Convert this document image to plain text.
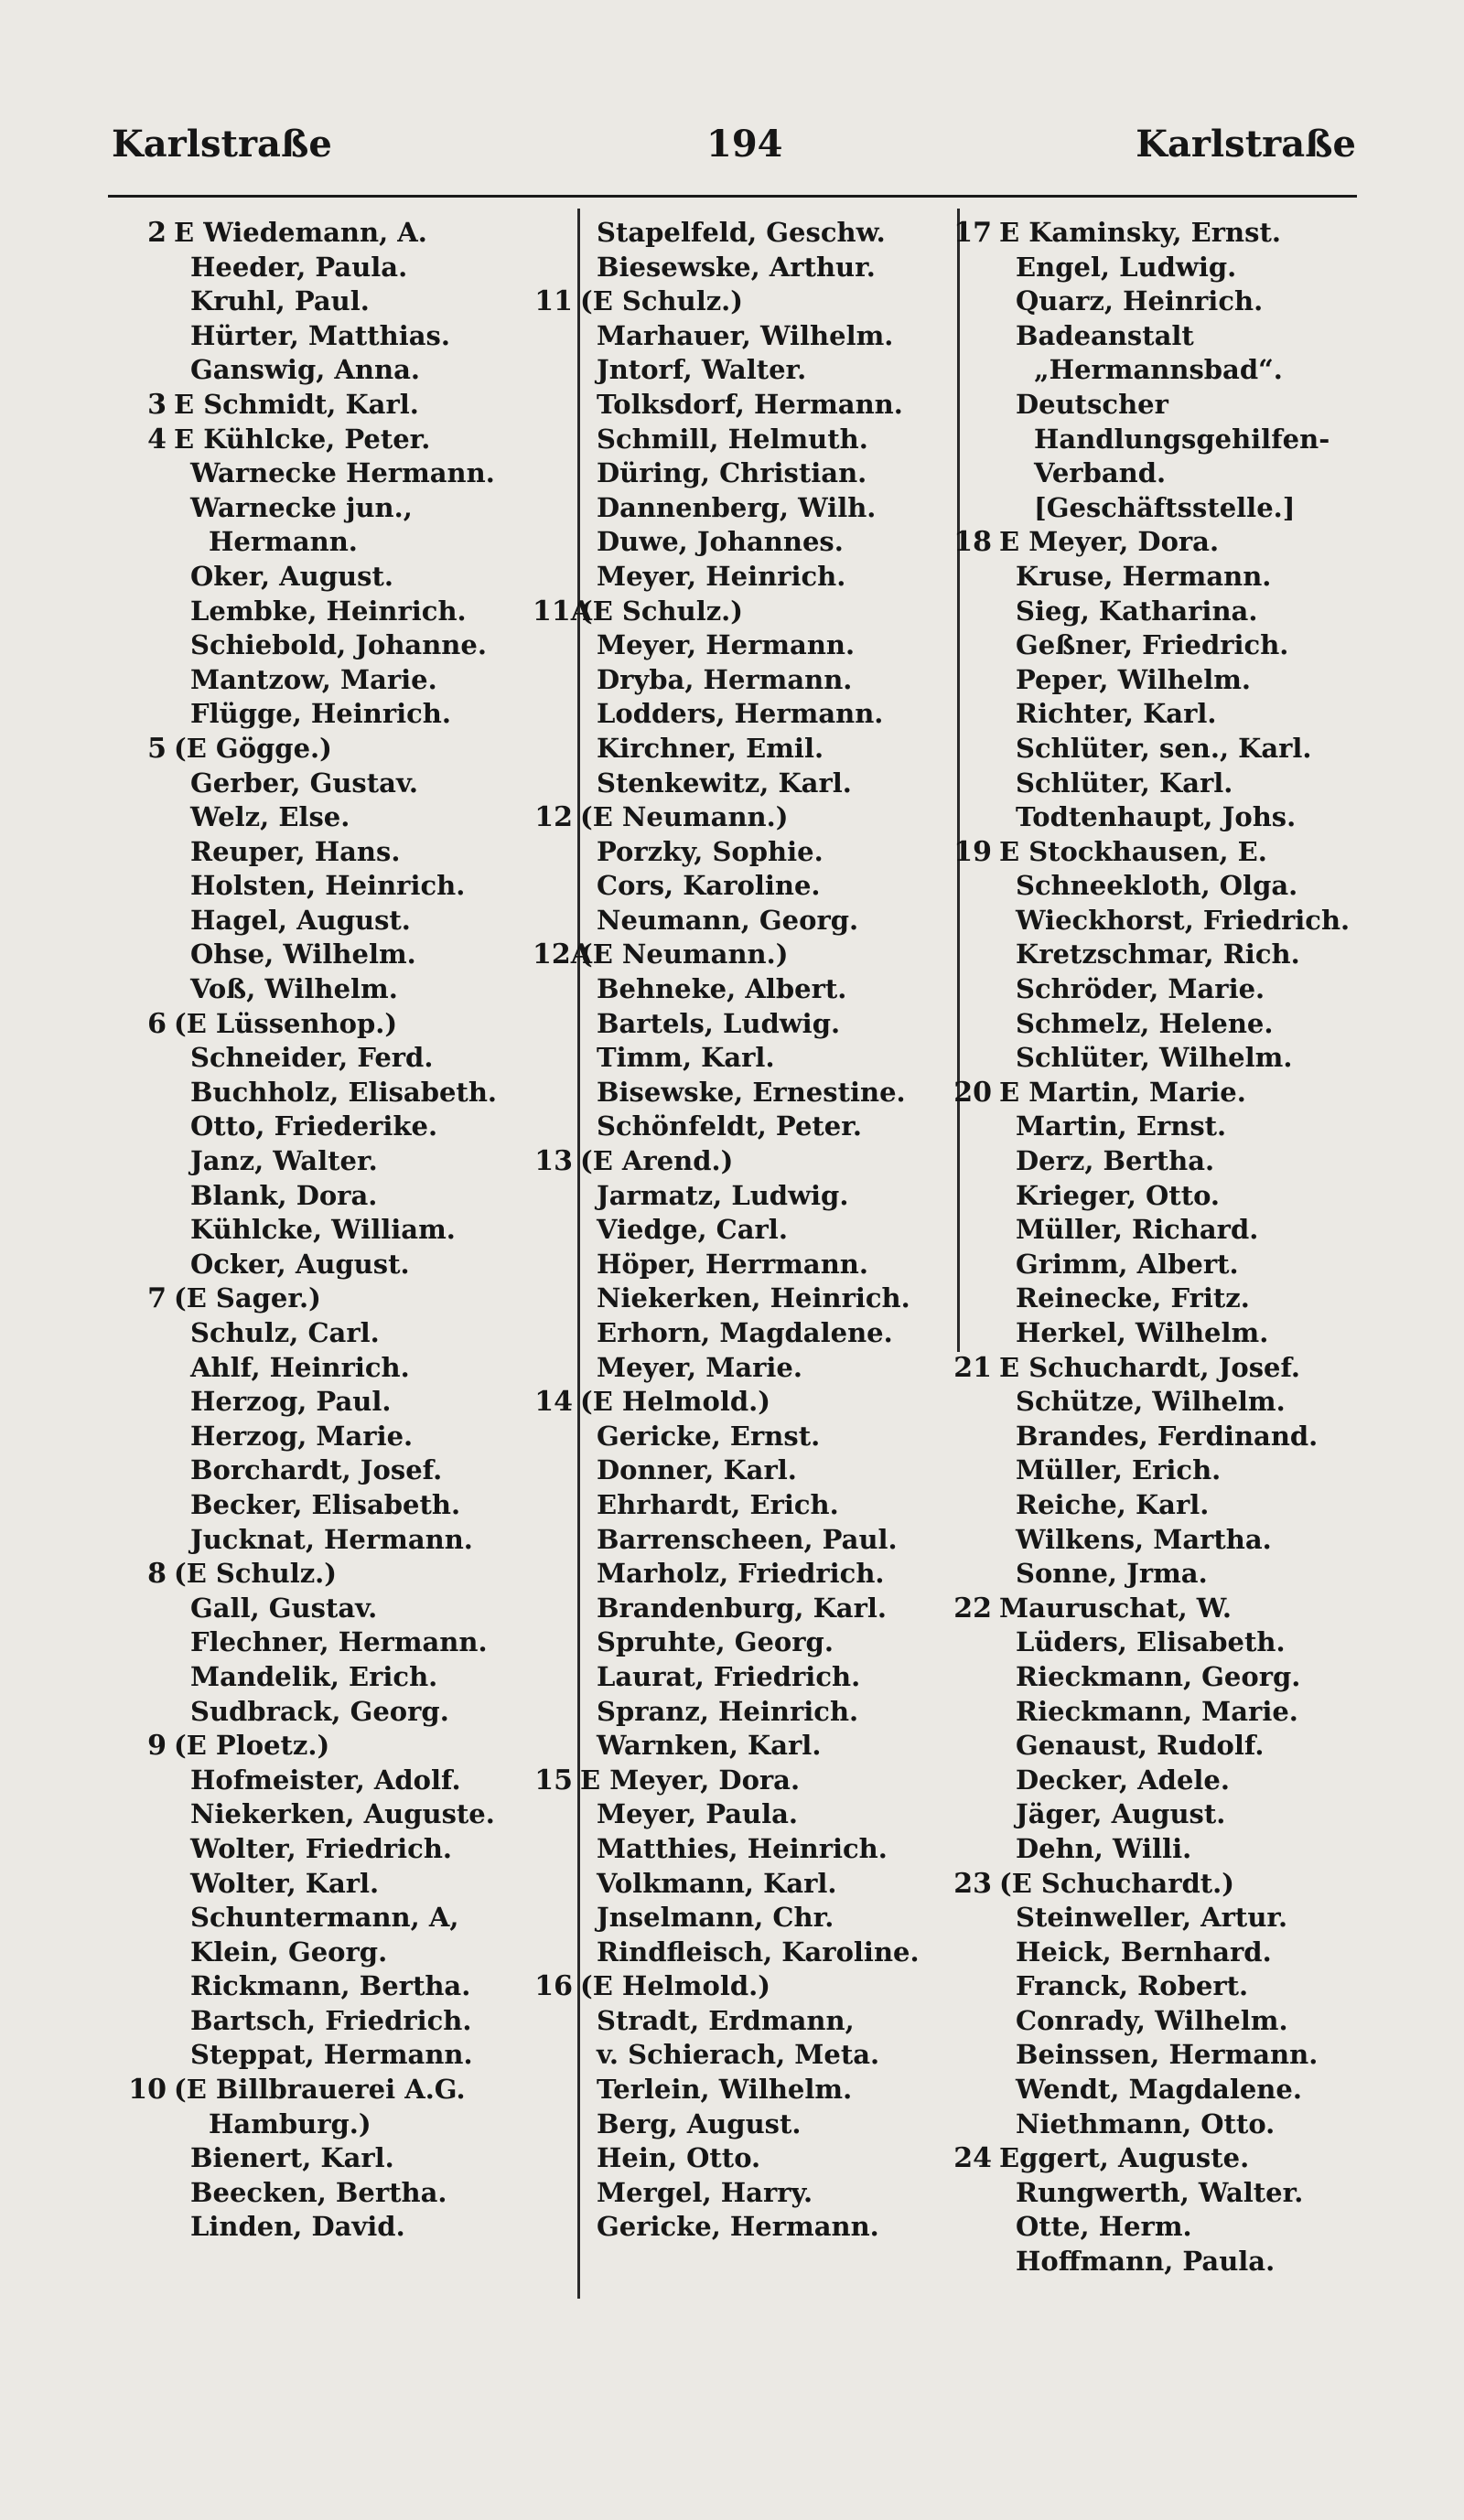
Karlstraße	194	Karlstraße
2 E Wiedemann, A.
Heeder, Paula.
Kruhl, Paul.
Hürter, Matthias.
Ganswig, Anna.
3 E Schmidt, Karl.
4 E Kühlcke, Peter.
Warnecke Hermann.
Warnecke jun.,
Hermann.
Oker, August.
Lembke, Heinrich.
Schiebold, Johanne.
Mantzow, Marie.
Flügge, Heinrich.
5 (E Gögge.)
Gerber, Gustav.
Welz, Else.
Reuper, Hans.
Holsten, Heinrich.
Hagel, August.
Ohse, Wilhelm.
Voß, Wilhelm.
6 (E Lüssenhop.)
Schneider, Ferd.
Buchholz, Elisabeth.
Otto, Friederike.
Janz, Walter.
Blank, Dora.
Kühlcke, William.
Ocker, August.
7 (E Sager.)
Schulz, Carl.
Ahlf, Heinrich.
Herzog, Paul.
Herzog, Marie.
Borchardt, Josef.
Becker, Elisabeth.
Jucknat, Hermann.
8 (E Schulz.)
Gall, Gustav.
Flechner, Hermann.
Mandelik, Erich.
Sudbrack, Georg.
9 (E Ploetz.)
Hofmeister, Adolf.
Niekerken, Auguste.
Wolter, Friedrich.
Wolter, Karl.
Schuntermann, A,
Klein, Georg.
Rickmann, Bertha.
Bartsch, Friedrich.
Steppat, Hermann.
10 (E Billbrauerei A.G.
Hamburg.)
Bienert, Karl.
Beecken, Bertha.
Linden, David.
Stapelfeld, Geschw.
Biesewske, Arthur.
11 (E Schulz.)
Marhauer, Wilhelm.
Jntorf, Walter.
Tolksdorf, Hermann.
Schmill, Helmuth.
Düring, Christian.
Dannenberg, Wilh.
Duwe, Johannes.
Meyer, Heinrich.
11A
(E Schulz.)
Meyer, Hermann.
Dryba, Hermann.
Lodders, Hermann.
Kirchner, Emil.
Stenkewitz, Karl.
12 (E Neumann.)
Porzky, Sophie.
Cors, Karoline.
Neumann, Georg.
12A
(E Neumann.)
Behneke, Albert.
Bartels, Ludwig.
Timm, Karl.
Bisewske, Ernestine.
Schönfeldt, Peter.
13 (E Arend.)
Jarmatz, Ludwig.
Viedge, Carl.
Höper, Herrmann.
Niekerken, Heinrich.
Erhorn, Magdalene.
Meyer, Marie.
14 (E Helmold.)
Gericke, Ernst.
Donner, Karl.
Ehrhardt, Erich.
Barrenscheen, Paul.
Marholz, Friedrich.
Brandenburg, Karl.
Spruhte, Georg.
Laurat, Friedrich.
Spranz, Heinrich.
Warnken, Karl.
15 E Meyer, Dora.
Meyer, Paula.
Matthies, Heinrich.
Volkmann, Karl.
Jnselmann, Chr.
Rindfleisch, Karoline.
16 (E Helmold.)
Stradt, Erdmann,
v. Schierach, Meta.
Terlein, Wilhelm.
Berg, August.
Hein, Otto.
Mergel, Harry.
Gericke, Hermann.
17 E Kaminsky, Ernst.
Engel, Ludwig.
Quarz, Heinrich.
Badeanstalt
„Hermannsbad“.
Deutscher
Handlungsgehilfen-
Verband.
[Geschäftsstelle.]
18 E Meyer, Dora.
Kruse, Hermann.
Sieg, Katharina.
Geßner, Friedrich.
Peper, Wilhelm.
Richter, Karl.
Schlüter, sen., Karl.
Schlüter, Karl.
Todtenhaupt, Johs.
19 E Stockhausen, E.
Schneekloth, Olga.
Wieckhorst, Friedrich.
Kretzschmar, Rich.
Schröder, Marie.
Schmelz, Helene.
Schlüter, Wilhelm.
20 E Martin, Marie.
Martin, Ernst.
Derz, Bertha.
Krieger, Otto.
Müller, Richard.
Grimm, Albert.
Reinecke, Fritz.
Herkel, Wilhelm.
21 E Schuchardt, Josef.
Schütze, Wilhelm.
Brandes, Ferdinand.
Müller, Erich.
Reiche, Karl.
Wilkens, Martha.
Sonne, Jrma.
22 Mauruschat, W.
Lüders, Elisabeth.
Rieckmann, Georg.
Rieckmann, Marie.
Genaust, Rudolf.
Decker, Adele.
Jäger, August.
Dehn, Willi.
23 (E Schuchardt.)
Steinweller, Artur.
Heick, Bernhard.
Franck, Robert.
Conrady, Wilhelm.
Beinssen, Hermann.
Wendt, Magdalene.
Niethmann, Otto.
24 Eggert, Auguste.
Rungwerth, Walter.
Otte, Herm.
Hoffmann, Paula.
